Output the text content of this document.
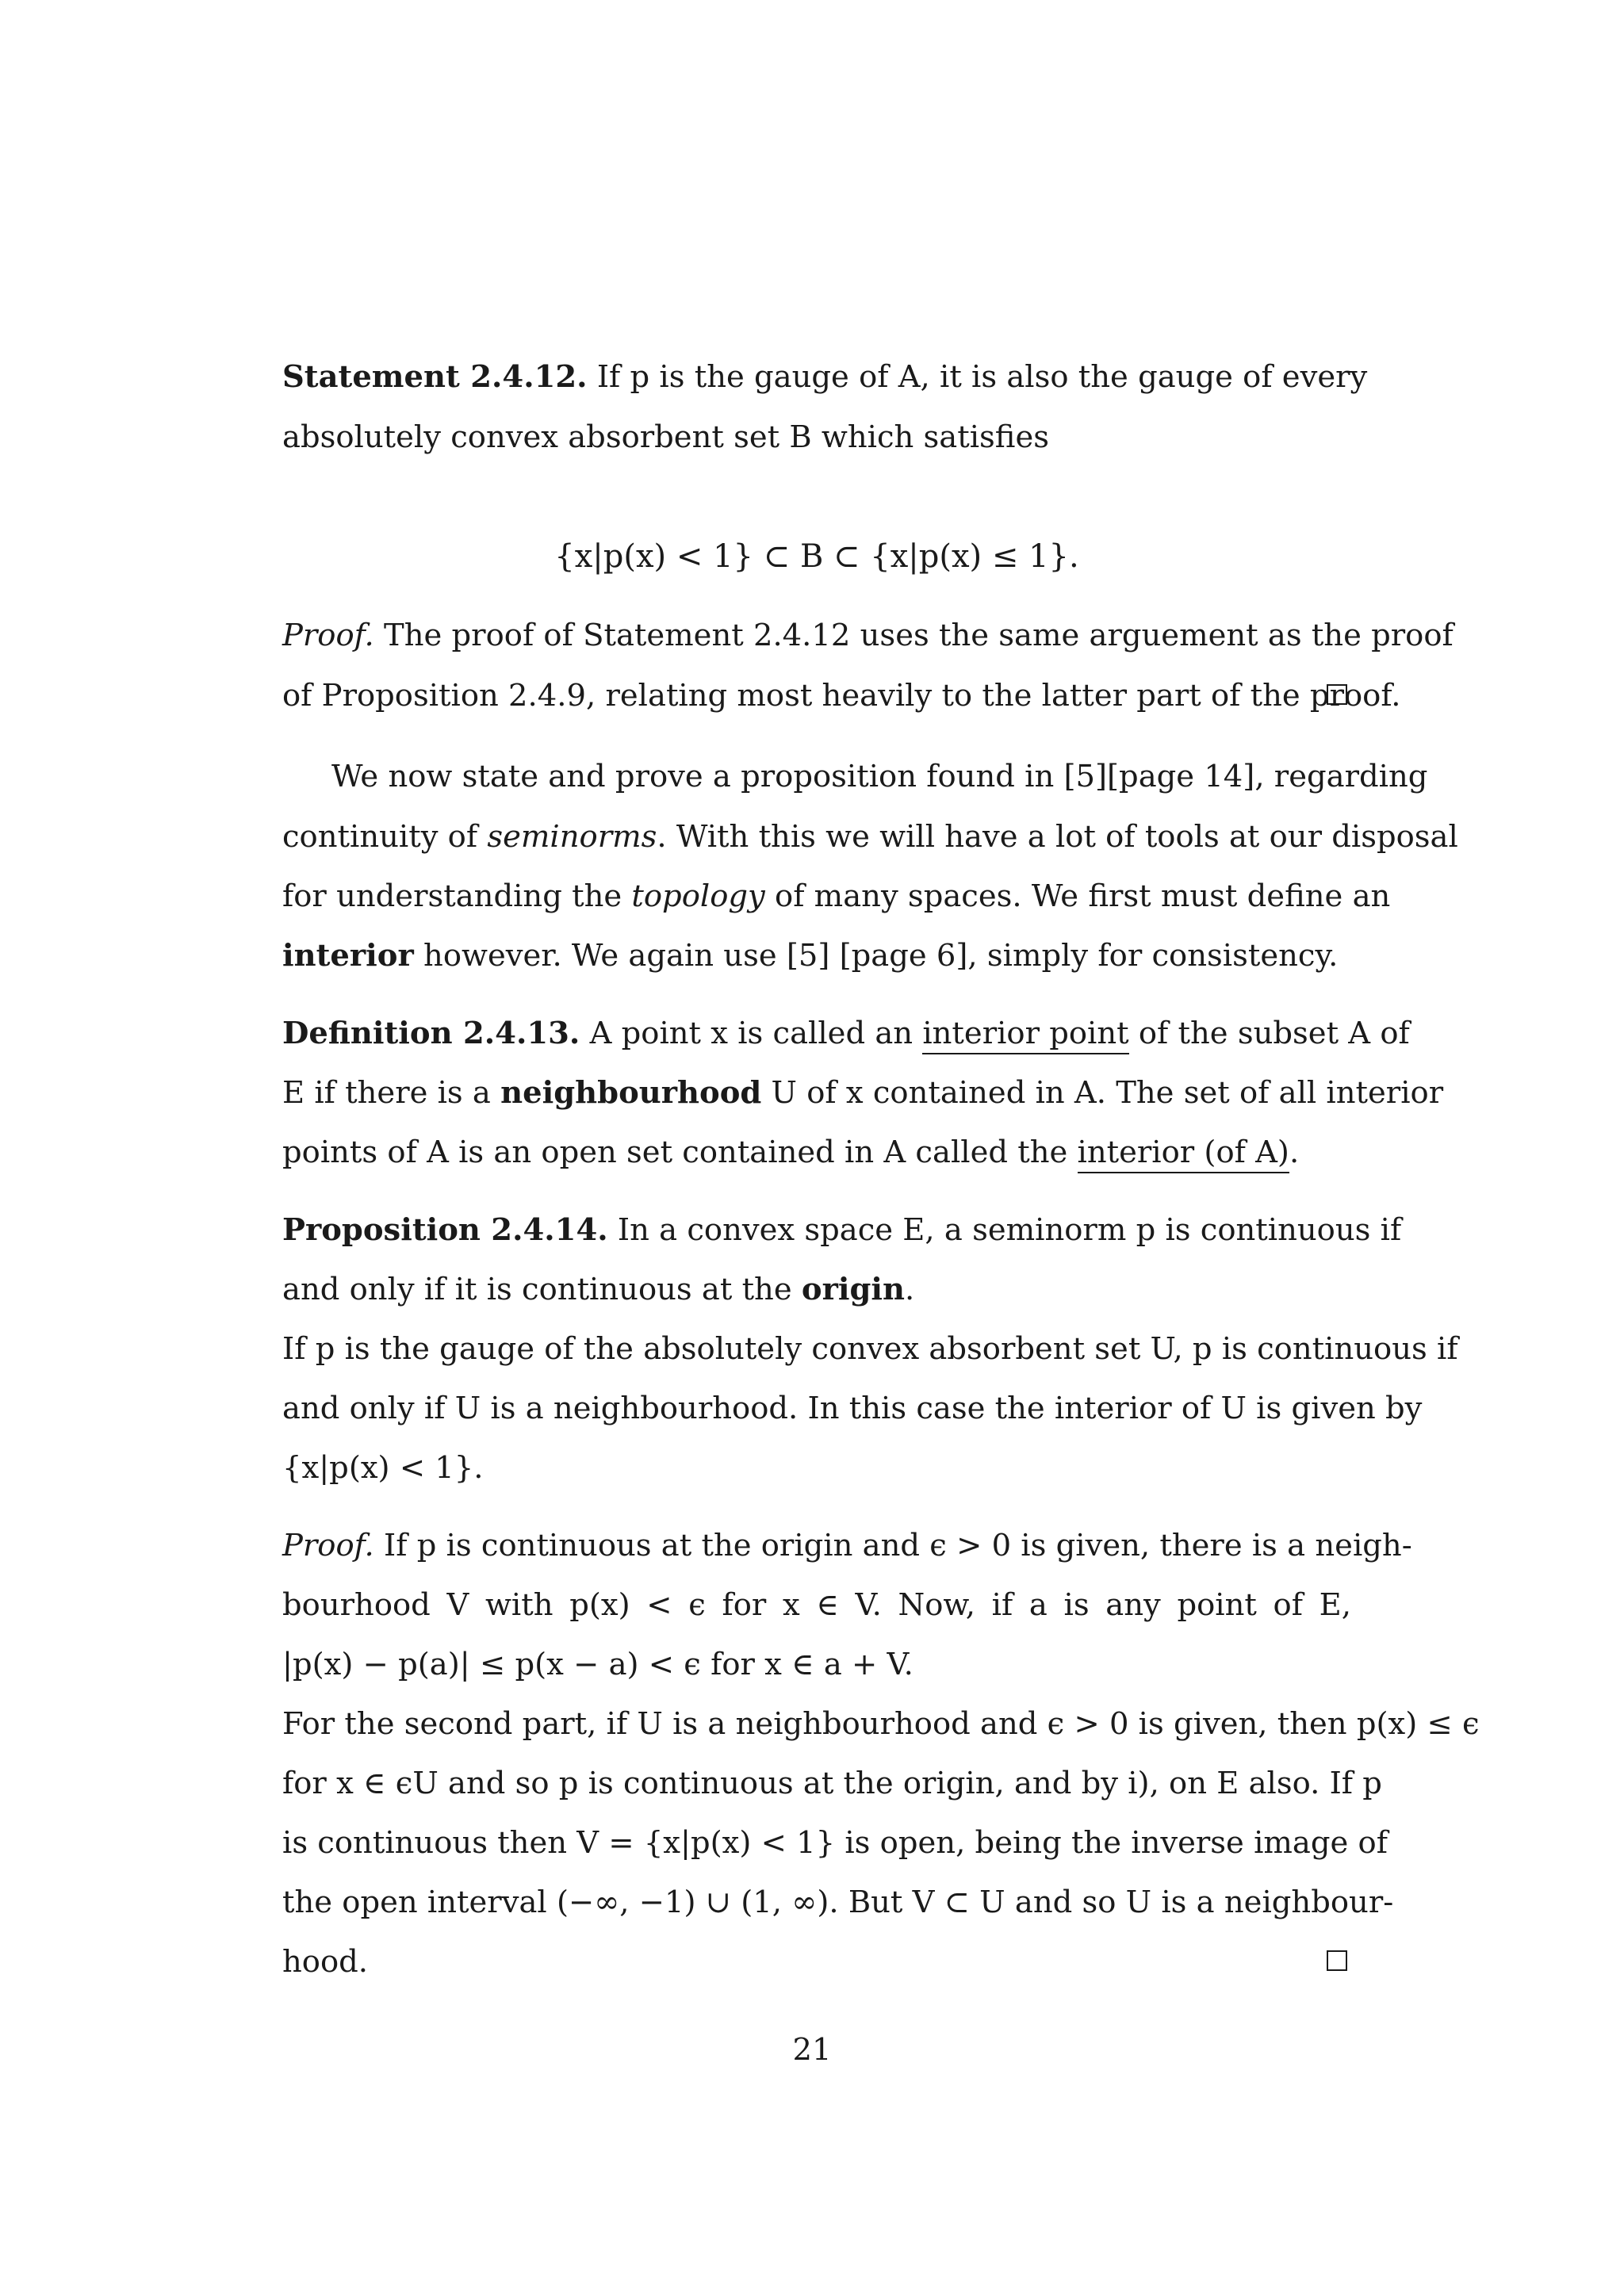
Statement 2.4.12. If p is the gauge of A, it is also the gauge of every
absolutely convex absorbent set B which satisfies
{x|p(x) < 1} ⊂ B ⊂ {x|p(x) ≤ 1}.
Proof. The proof of Statement 2.4.12 uses the same arguement as the proof
of Proposition 2.4.9, relating most heavily to the latter part of the proof.
We now state and prove a proposition found in [5][page 14], regarding
continuity of seminorms. With this we will have a lot of tools at our disposal
for understanding the topology of many spaces. We first must define an
interior however. We again use [5] [page 6], simply for consistency.
Definition 2.4.13. A point x is called an interior point of the subset A of
E if there is a neighbourhood U of x contained in A. The set of all interior
points of A is an open set contained in A called the interior (of A).
Proposition 2.4.14. In a convex space E, a seminorm p is continuous if
and only if it is continuous at the origin.
If p is the gauge of the absolutely convex absorbent set U, p is continuous if
and only if U is a neighbourhood. In this case the interior of U is given by
{x|p(x) < 1}.
Proof. If p is continuous at the origin and ϵ > 0 is given, there is a neigh-
bourhood V with p(x) < ϵ for x ∈ V. Now, if a is any point of E,
|p(x) − p(a)| ≤ p(x − a) < ϵ for x ∈ a + V.
For the second part, if U is a neighbourhood and ϵ > 0 is given, then p(x) ≤ ϵ
for x ∈ ϵU and so p is continuous at the origin, and by i), on E also. If p
is continuous then V = {x|p(x) < 1} is open, being the inverse image of
the open interval (−∞, −1) ∪ (1, ∞). But V ⊂ U and so U is a neighbour-
hood.
21
